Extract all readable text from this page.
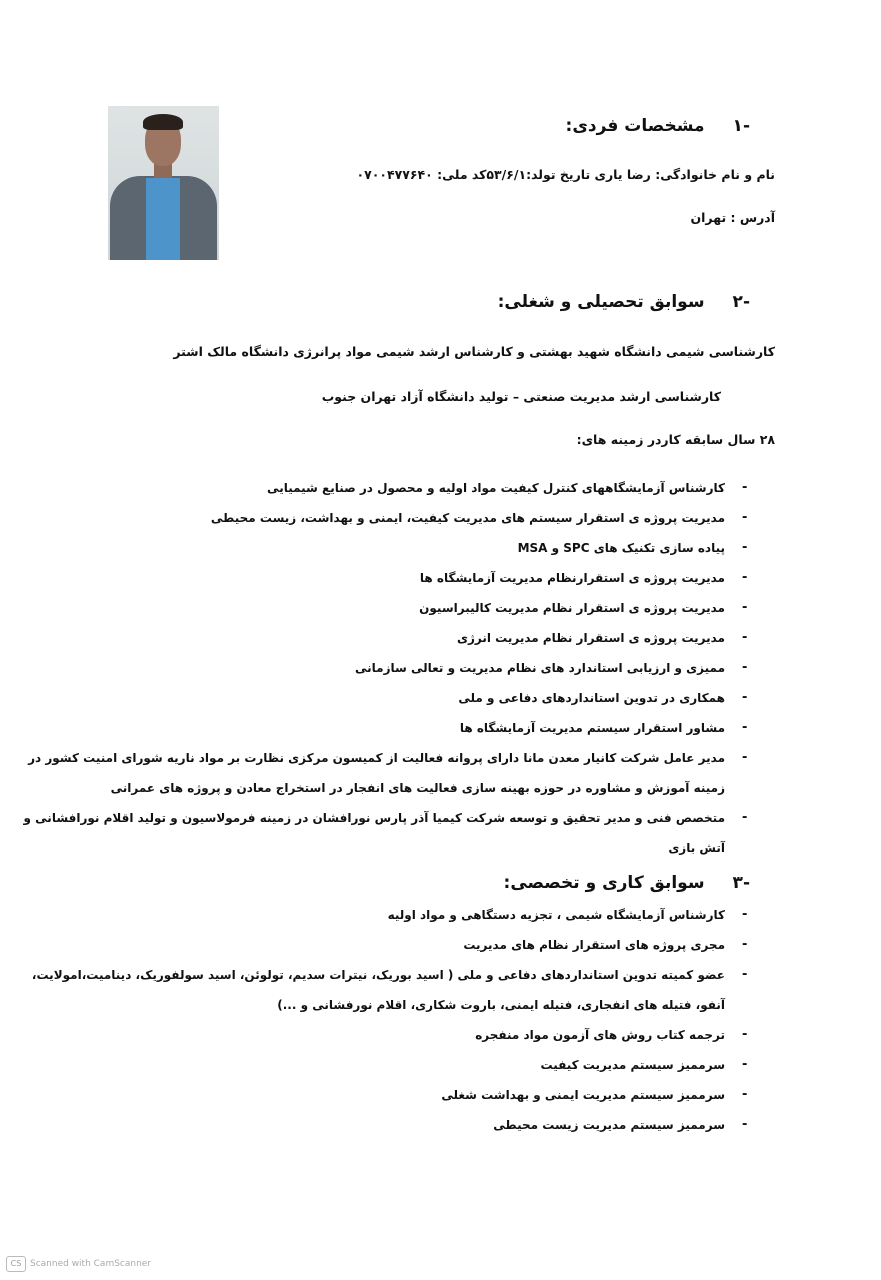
-۱مشخصات فردی:
نام و نام خانوادگی: رضا یاری تاریخ تولد:۵۳/۶/۱کد ملی: ۰۷۰۰۴۷۷۶۴۰
آدرس : تهران
-۲سوابق تحصیلی و شغلی:
کارشناسی شیمی دانشگاه شهید بهشتی و کارشناس ارشد شیمی مواد پرانرژی دانشگاه مالک اشتر
کارشناسی ارشد مدیریت صنعتی – تولید دانشگاه آزاد تهران جنوب
۲۸ سال سابقه کاردر زمینه های:
-
کارشناس آزمایشگاههای کنترل کیفیت مواد اولیه و محصول در صنایع شیمیایی
-
مدیریت پروژه ی استقرار سیستم های مدیریت کیفیت، ایمنی و بهداشت، زیست محیطی
-
پیاده سازی تکنیک های SPC و MSA
-
مدیریت پروژه ی استقرارنظام مدیریت آزمایشگاه ها
-
مدیریت پروژه ی استقرار نظام مدیریت کالیبراسیون
-
مدیریت پروژه ی استقرار نظام مدیریت انرژی
-
ممیزی و ارزیابی استاندارد های نظام مدیریت و تعالی سازمانی
-
همکاری در تدوین استانداردهای دفاعی و ملی
-
مشاور استقرار سیستم مدیریت آزمایشگاه ها
-
مدیر عامل شرکت کانیار معدن مانا دارای پروانه فعالیت از کمیسون مرکزی نظارت بر مواد ناریه شورای امنیت کشور در
زمینه آموزش و مشاوره در حوزه بهینه سازی فعالیت های انفجار در استخراج معادن و پروژه های عمرانی
-
متخصص فنی و مدیر تحقیق و توسعه شرکت کیمیا آذر پارس نورافشان در زمینه فرمولاسیون و تولید اقلام نورافشانی و
آتش بازی
-۳سوابق کاری و تخصصی:
-
کارشناس آزمایشگاه شیمی ، تجزیه دستگاهی و مواد اولیه
-
مجری پروژه های استقرار نظام های مدیریت
-
عضو کمیته تدوین استانداردهای دفاعی و ملی ( اسید بوریک، نیترات سدیم، تولوئن، اسید سولفوریک، دینامیت،امولایت،
آنفو، فتیله های انفجاری، فتیله ایمنی، باروت شکاری، اقلام نورفشانی و ...)
-
ترجمه کتاب روش های آزمون مواد منفجره
-
سرممیز سیستم مدیریت کیفیت
-
سرممیز سیستم مدیریت ایمنی و بهداشت شغلی
-
سرممیز سیستم مدیریت زیست محیطی
CS Scanned with CamScanner
